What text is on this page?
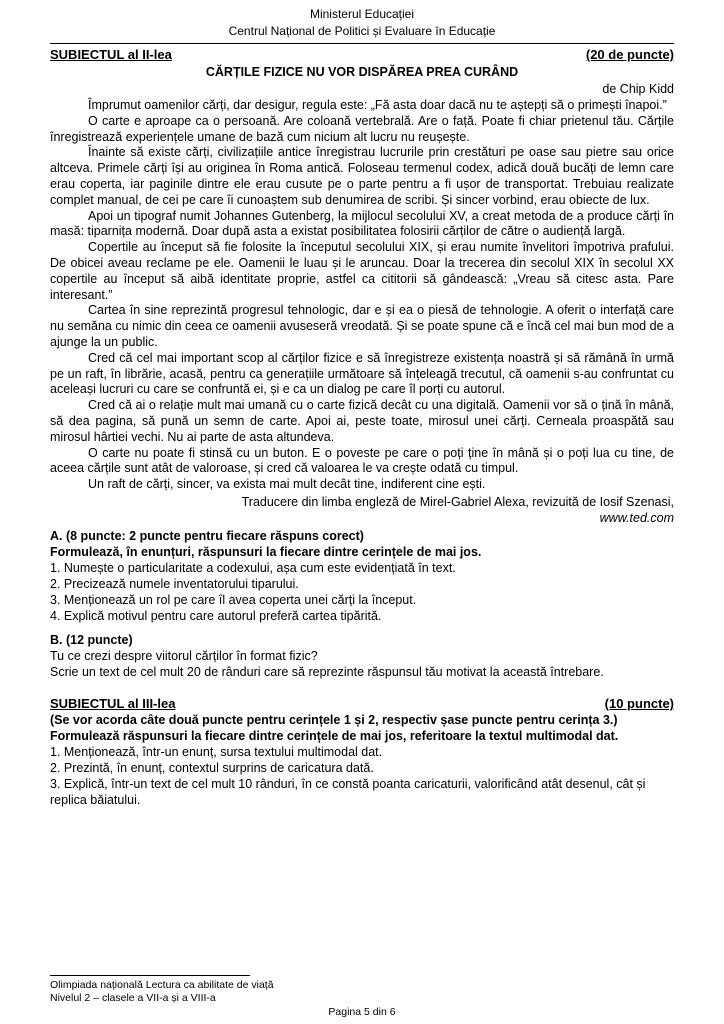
Ministerul Educației
Centrul Național de Politici și Evaluare în Educație
SUBIECTUL al II-lea	(20 de puncte)
CĂRȚILE FIZICE NU VOR DISPĂREA PREA CURÂND
de Chip Kidd

Împrumut oamenilor cărți, dar desigur, regula este: „Fă asta doar dacă nu te aștepți să o primești înapoi.”

O carte e aproape ca o persoană. Are coloană vertebrală. Are o față. Poate fi chiar prietenul tău. Cărțile înregistrează experiențele umane de bază cum nicium alt lucru nu reușește.

Înainte să existe cărți, civilizațiile antice înregistrau lucrurile prin crestături pe oase sau pietre sau orice altceva. Primele cărți își au originea în Roma antică. Foloseau termenul codex, adică două bucăți de lemn care erau coperta, iar paginile dintre ele erau cusute pe o parte pentru a fi ușor de transportat. Trebuiau realizate complet manual, de cei pe care îi cunoaștem sub denumirea de scribi. Și sincer vorbind, erau obiecte de lux.

Apoi un tipograf numit Johannes Gutenberg, la mijlocul secolului XV, a creat metoda de a produce cărți în masă: tiparnița modernă. Doar după asta a existat posibilitatea folosirii cărților de către o audiență largă.

Copertile au început să fie folosite la începutul secolului XIX, și erau numite învelitori împotriva prafului. De obicei aveau reclame pe ele. Oamenii le luau și le aruncau. Doar la trecerea din secolul XIX în secolul XX copertile au început să aibă identitate proprie, astfel ca cititorii să gândească: „Vreau să citesc asta. Pare interesant.”

Cartea în sine reprezintă progresul tehnologic, dar e și ea o piesă de tehnologie. A oferit o interfață care nu semăna cu nimic din ceea ce oamenii avuseseră vreodată. Și se poate spune că e încă cel mai bun mod de a ajunge la un public.

Cred că cel mai important scop al cărților fizice e să înregistreze existența noastră și să rămână în urmă pe un raft, în librărie, acasă, pentru ca generațiile următoare să înțeleagă trecutul, că oamenii s-au confruntat cu aceleași lucruri cu care se confruntă ei, și e ca un dialog pe care îl porți cu autorul.

Cred că ai o relație mult mai umană cu o carte fizică decât cu una digitală. Oamenii vor să o țină în mână, să dea pagina, să pună un semn de carte. Apoi ai, peste toate, mirosul unei cărți. Cerneala proaspătă sau mirosul hârtiei vechi. Nu ai parte de asta altundeva.

O carte nu poate fi stinsă cu un buton. E o poveste pe care o poți ține în mână și o poți lua cu tine, de aceea cărțile sunt atât de valoroase, și cred că valoarea le va crește odată cu timpul.

Un raft de cărți, sincer, va exista mai mult decât tine, indiferent cine ești.

Traducere din limba engleză de Mirel-Gabriel Alexa, revizuită de Iosif Szenasi,
www.ted.com
A. (8 puncte: 2 puncte pentru fiecare răspuns corect)
Formulează, în enunțuri, răspunsuri la fiecare dintre cerințele de mai jos.
1. Numește o particularitate a codexului, așa cum este evidențiată în text.
2. Precizează numele inventatorului tiparului.
3. Menționează un rol pe care îl avea coperta unei cărți la început.
4. Explică motivul pentru care autorul preferă cartea tipărită.
B. (12 puncte)
Tu ce crezi despre viitorul cărților în format fizic?
Scrie un text de cel mult 20 de rânduri care să reprezinte răspunsul tău motivat la această întrebare.
SUBIECTUL al III-lea	(10 puncte)
(Se vor acorda câte două puncte pentru cerințele 1 și 2, respectiv șase puncte pentru cerința 3.)
Formulează răspunsuri la fiecare dintre cerințele de mai jos, referitoare la textul multimodal dat.
1. Menționează, într-un enunț, sursa textului multimodal dat.
2. Prezintă, în enunț, contextul surprins de caricatura dată.
3. Explică, într-un text de cel mult 10 rânduri, în ce constă poanta caricaturii, valorificând atât desenul, cât și replica băiatului.
Olimpiada națională Lectura ca abilitate de viață
Nivelul 2 – clasele a VII-a și a VIII-a
Pagina 5 din 6
